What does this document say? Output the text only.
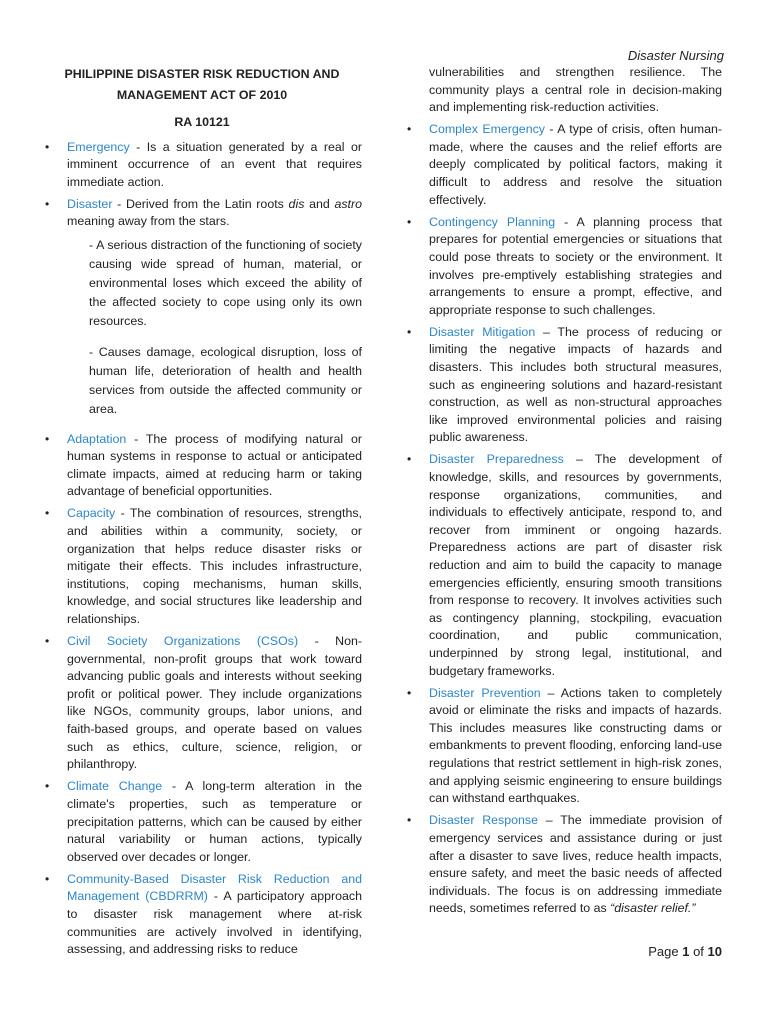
Disaster Nursing
PHILIPPINE DISASTER RISK REDUCTION AND
MANAGEMENT ACT OF 2010
RA 10121
• Emergency - Is a situation generated by a real or imminent occurrence of an event that requires immediate action.
• Disaster - Derived from the Latin roots dis and astro meaning away from the stars.
- A serious distraction of the functioning of society causing wide spread of human, material, or environmental loses which exceed the ability of the affected society to cope using only its own resources.
- Causes damage, ecological disruption, loss of human life, deterioration of health and health services from outside the affected community or area.
• Adaptation - The process of modifying natural or human systems in response to actual or anticipated climate impacts, aimed at reducing harm or taking advantage of beneficial opportunities.
• Capacity - The combination of resources, strengths, and abilities within a community, society, or organization that helps reduce disaster risks or mitigate their effects. This includes infrastructure, institutions, coping mechanisms, human skills, knowledge, and social structures like leadership and relationships.
• Civil Society Organizations (CSOs) - Non-governmental, non-profit groups that work toward advancing public goals and interests without seeking profit or political power. They include organizations like NGOs, community groups, labor unions, and faith-based groups, and operate based on values such as ethics, culture, science, religion, or philanthropy.
• Climate Change - A long-term alteration in the climate's properties, such as temperature or precipitation patterns, which can be caused by either natural variability or human actions, typically observed over decades or longer.
• Community-Based Disaster Risk Reduction and Management (CBDRRM) - A participatory approach to disaster risk management where at-risk communities are actively involved in identifying, assessing, and addressing risks to reduce
vulnerabilities and strengthen resilience. The community plays a central role in decision-making and implementing risk-reduction activities.
• Complex Emergency - A type of crisis, often human-made, where the causes and the relief efforts are deeply complicated by political factors, making it difficult to address and resolve the situation effectively.
• Contingency Planning - A planning process that prepares for potential emergencies or situations that could pose threats to society or the environment. It involves pre-emptively establishing strategies and arrangements to ensure a prompt, effective, and appropriate response to such challenges.
• Disaster Mitigation – The process of reducing or limiting the negative impacts of hazards and disasters. This includes both structural measures, such as engineering solutions and hazard-resistant construction, as well as non-structural approaches like improved environmental policies and raising public awareness.
• Disaster Preparedness – The development of knowledge, skills, and resources by governments, response organizations, communities, and individuals to effectively anticipate, respond to, and recover from imminent or ongoing hazards. Preparedness actions are part of disaster risk reduction and aim to build the capacity to manage emergencies efficiently, ensuring smooth transitions from response to recovery. It involves activities such as contingency planning, stockpiling, evacuation coordination, and public communication, underpinned by strong legal, institutional, and budgetary frameworks.
• Disaster Prevention – Actions taken to completely avoid or eliminate the risks and impacts of hazards. This includes measures like constructing dams or embankments to prevent flooding, enforcing land-use regulations that restrict settlement in high-risk zones, and applying seismic engineering to ensure buildings can withstand earthquakes.
• Disaster Response – The immediate provision of emergency services and assistance during or just after a disaster to save lives, reduce health impacts, ensure safety, and meet the basic needs of affected individuals. The focus is on addressing immediate needs, sometimes referred to as “disaster relief.”
Page 1 of 10
